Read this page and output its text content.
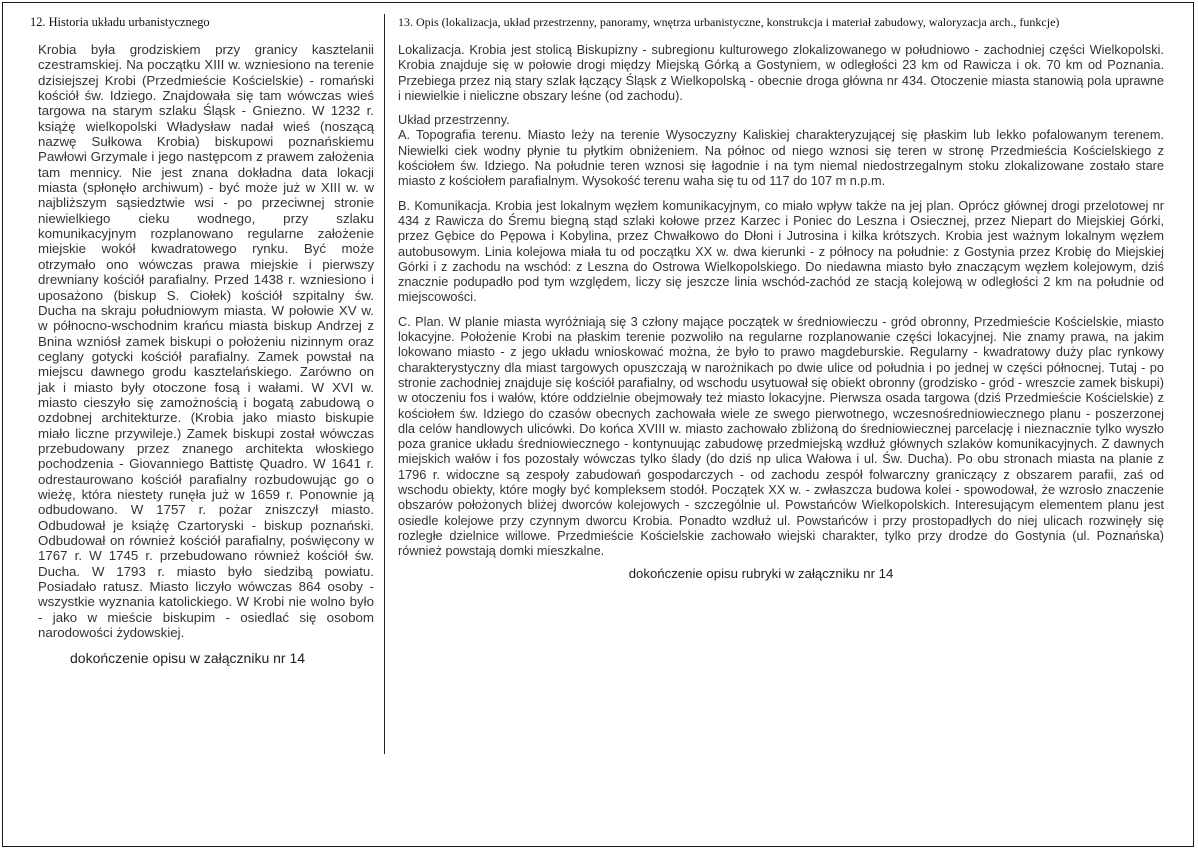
12. Historia układu urbanistycznego

Krobia była grodziskiem przy granicy kasztelanii czestramskiej. Na początku XIII w. wzniesiono na terenie dzisiejszej Krobi (Przedmieście Kościelskie) - romański kościół św. Idziego. Znajdowała się tam wówczas wieś targowa na starym szlaku Śląsk - Gniezno. W 1232 r. książę wielkopolski Władysław nadał wieś (noszącą nazwę Sułkowa Krobia) biskupowi poznańskiemu Pawłowi Grzymale i jego następcom z prawem założenia tam mennicy. Nie jest znana dokładna data lokacji miasta (spłonęło archiwum) - być może już w XIII w. w najbliższym sąsiedztwie wsi - po przeciwnej stronie niewielkiego cieku wodnego, przy szlaku komunikacyjnym rozplanowano regularne założenie miejskie wokół kwadratowego rynku. Być może otrzymało ono wówczas prawa miejskie i pierwszy drewniany kościół parafialny. Przed 1438 r. wzniesiono i uposażono (biskup S. Ciołek) kościół szpitalny św. Ducha na skraju południowym miasta. W połowie XV w. w północno-wschodnim krańcu miasta biskup Andrzej z Bnina wzniósł zamek biskupi o położeniu nizinnym oraz ceglany gotycki kościół parafialny. Zamek powstał na miejscu dawnego grodu kasztelańskiego. Zarówno on jak i miasto były otoczone fosą i wałami. W XVI w. miasto cieszyło się zamożnością i bogatą zabudową o ozdobnej architekturze. (Krobia jako miasto biskupie miało liczne przywileje.) Zamek biskupi został wówczas przebudowany przez znanego architekta włoskiego pochodzenia - Giovanniego Battistę Quadro. W 1641 r. odrestaurowano kościół parafialny rozbudowując go o wieżę, która niestety runęła już w 1659 r. Ponownie ją odbudowano. W 1757 r. pożar zniszczył miasto. Odbudował je książę Czartoryski - biskup poznański. Odbudował on również kościół parafialny, poświęcony w 1767 r. W 1745 r. przebudowano również kościół św. Ducha. W 1793 r. miasto było siedzibą powiatu. Posiadało ratusz. Miasto liczyło wówczas 864 osoby - wszystkie wyznania katolickiego. W Krobi nie wolno było - jako w mieście biskupim - osiedlać się osobom narodowości żydowskiej.

dokończenie opisu w załączniku nr 14
13. Opis (lokalizacja, układ przestrzenny, panoramy, wnętrza urbanistyczne, konstrukcja i materiał zabudowy, waloryzacja arch., funkcje)

Lokalizacja. Krobia jest stolicą Biskupizny - subregionu kulturowego zlokalizowanego w południowo - zachodniej części Wielkopolski. Krobia znajduje się w połowie drogi między Miejską Górką a Gostyniem, w odległości 23 km od Rawicza i ok. 70 km od Poznania. Przebiega przez nią stary szlak łączący Śląsk z Wielkopolską - obecnie droga główna nr 434. Otoczenie miasta stanowią pola uprawne i niewielkie i nieliczne obszary leśne (od zachodu).

Układ przestrzenny.

A. Topografia terenu. Miasto leży na terenie Wysoczyzny Kaliskiej charakteryzującej się płaskim lub lekko pofalowanym terenem. Niewielki ciek wodny płynie tu płytkim obniżeniem. Na północ od niego wznosi się teren w stronę Przedmieścia Kościelskiego z kościołem św. Idziego. Na południe teren wznosi się łagodnie i na tym niemal niedostrzegalnym stoku zlokalizowane zostało stare miasto z kościołem parafialnym. Wysokość terenu waha się tu od 117 do 107 m n.p.m.

B. Komunikacja. Krobia jest lokalnym węzłem komunikacyjnym, co miało wpływ także na jej plan. Oprócz głównej drogi przelotowej nr 434 z Rawicza do Śremu biegną stąd szlaki kołowe przez Karzec i Poniec do Leszna i Osiecznej, przez Niepart do Miejskiej Górki, przez Gębice do Pępowa i Kobylina, przez Chwałkowo do Dłoni i Jutrosina i kilka krótszych. Krobia jest ważnym lokalnym węzłem autobusowym. Linia kolejowa miała tu od początku XX w. dwa kierunki - z północy na południe: z Gostynia przez Krobię do Miejskiej Górki i z zachodu na wschód: z Leszna do Ostrowa Wielkopolskiego. Do niedawna miasto było znaczącym węzłem kolejowym, dziś znacznie podupadło pod tym względem, liczy się jeszcze linia wschód-zachód ze stacją kolejową w odległości 2 km na południe od miejscowości.

C. Plan. W planie miasta wyróżniają się 3 człony mające początek w średniowieczu - gród obronny, Przedmieście Kościelskie, miasto lokacyjne. Położenie Krobi na płaskim terenie pozwoliło na regularne rozplanowanie części lokacyjnej. Nie znamy prawa, na jakim lokowano miasto - z jego układu wnioskować można, że było to prawo magdeburskie. Regularny - kwadratowy duży plac rynkowy charakterystyczny dla miast targowych opuszczają w narożnikach po dwie ulice od południa i po jednej w części północnej. Tutaj - po stronie zachodniej znajduje się kościół parafialny, od wschodu usytuował się obiekt obronny (grodzisko - gród - wreszcie zamek biskupi) w otoczeniu fos i wałów, które oddzielnie obejmowały też miasto lokacyjne. Pierwsza osada targowa (dziś Przedmieście Kościelskie) z kościołem św. Idziego do czasów obecnych zachowała wiele ze swego pierwotnego, wczesnośredniowiecznego planu - poszerzonej dla celów handlowych ulicówki. Do końca XVIII w. miasto zachowało zbliżoną do średniowiecznej parcelację i nieznacznie tylko wyszło poza granice układu średniowiecznego - kontynuując zabudowę przedmiejską wzdłuż głównych szlaków komunikacyjnych. Z dawnych miejskich wałów i fos pozostały wówczas tylko ślady (do dziś np ulica Wałowa i ul. Św. Ducha). Po obu stronach miasta na planie z 1796 r. widoczne są zespoły zabudowań gospodarczych - od zachodu zespół folwarczny graniczący z obszarem parafii, zaś od wschodu obiekty, które mogły być kompleksem stodół. Początek XX w. - zwłaszcza budowa kolei - spowodował, że wzrosło znaczenie obszarów położonych bliżej dworców kolejowych - szczególnie ul. Powstańców Wielkopolskich. Interesującym elementem planu jest osiedle kolejowe przy czynnym dworcu Krobia. Ponadto wzdłuż ul. Powstańców i przy prostopadłych do niej ulicach rozwinęły się rozległe dzielnice willowe. Przedmieście Kościelskie zachowało wiejski charakter, tylko przy drodze do Gostynia (ul. Poznańska) również powstają domki mieszkalne.

dokończenie opisu rubryki w załączniku nr 14
